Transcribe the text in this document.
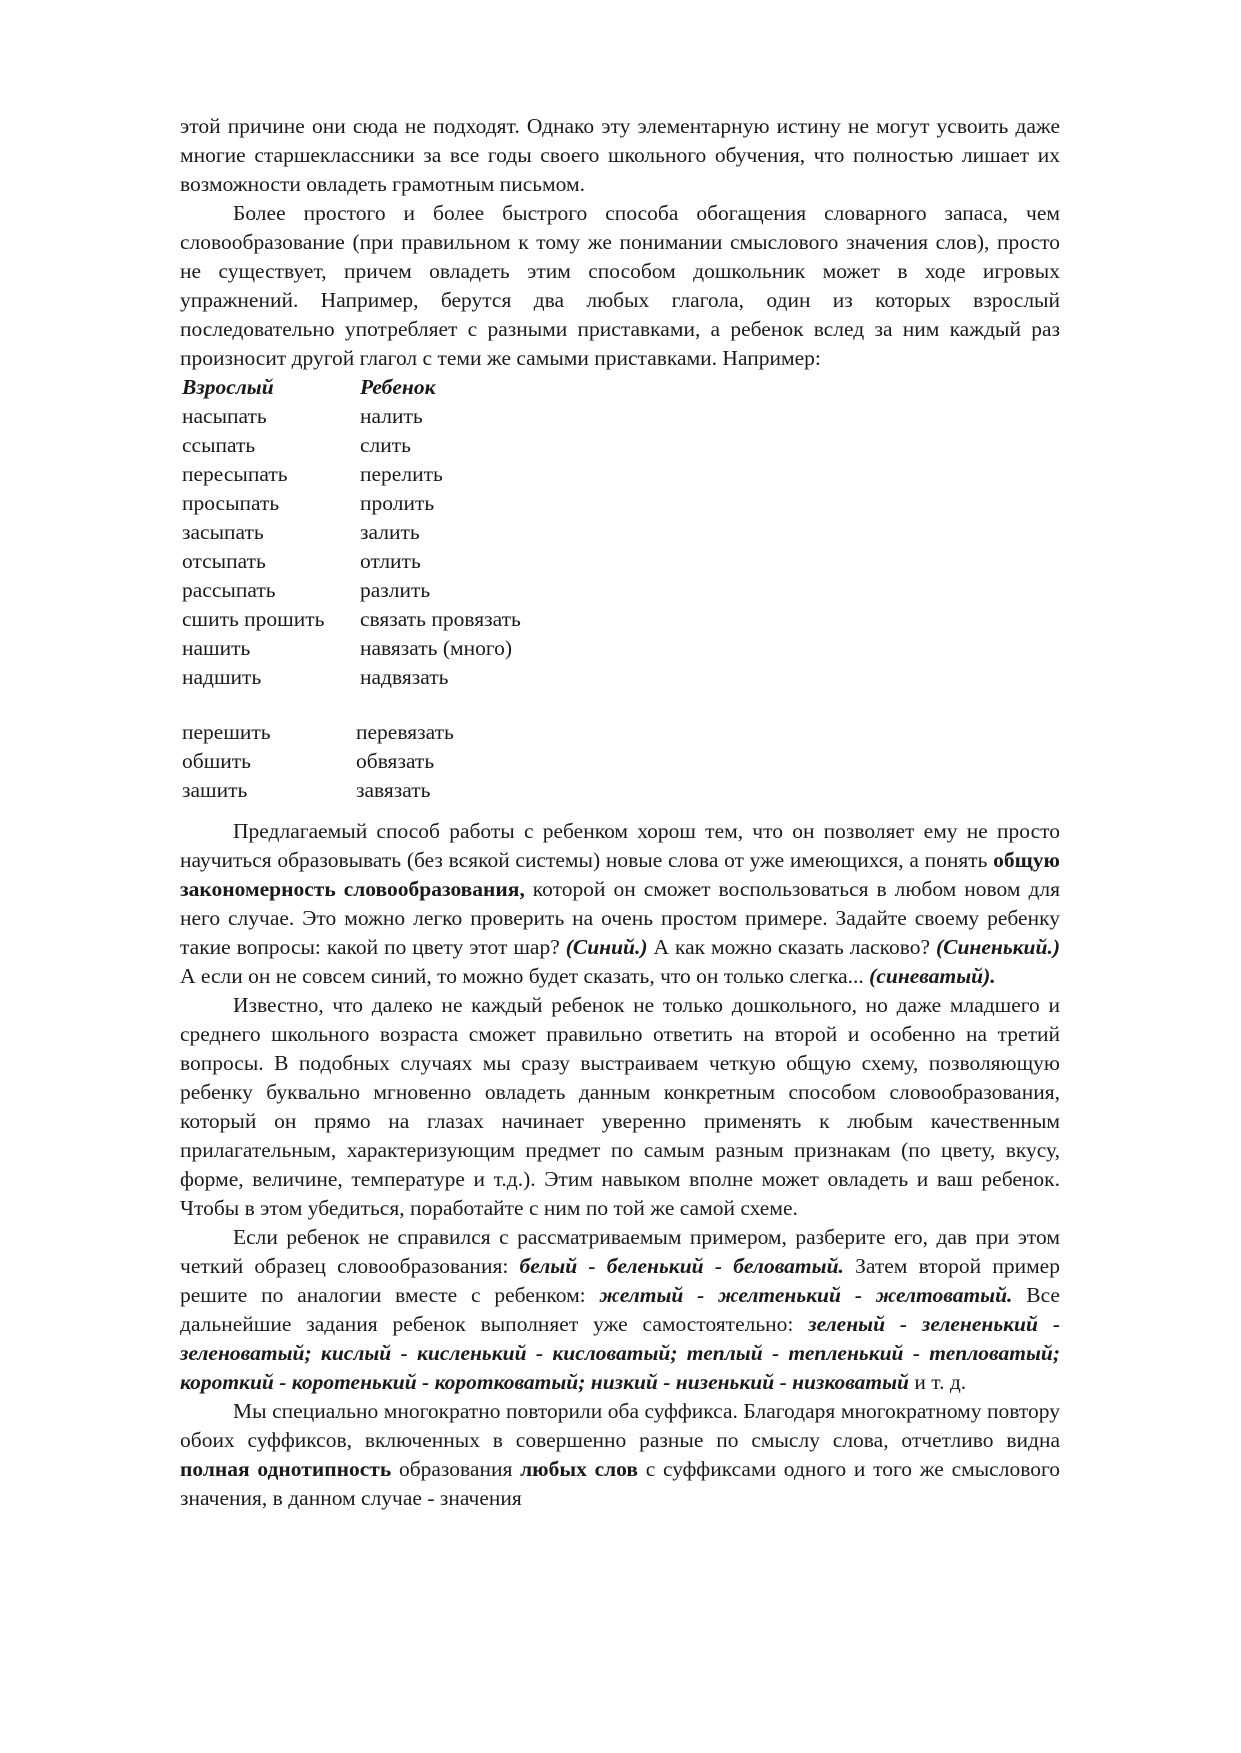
этой причине они сюда не подходят. Однако эту элементарную истину не могут усвоить даже многие старшеклассники за все годы своего школьного обучения, что полностью лишает их возможности овладеть грамотным письмом.

Более простого и более быстрого способа обогащения словарного запаса, чем словообразование (при правильном к тому же понимании смыслового значения слов), просто не существует, причем овладеть этим способом дошкольник может в ходе игровых упражнений. Например, берутся два любых глагола, один из которых взрослый последовательно употребляет с разными приставками, а ребенок вслед за ним каждый раз произносит другой глагол с теми же самыми приставками. Например:

Взрослый	Ребенок
насыпать	налить
ссыпать	слить
пересыпать	перелить
просыпать	пролить
засыпать	залить
отсыпать	отлить
рассыпать	разлить
сшить прошить	связать провязать
нашить	навязать (много)
надшить	надвязать
перешить	перевязать
обшить	обвязать
зашить	завязать

Предлагаемый способ работы с ребенком хорош тем, что он позволяет ему не просто научиться образовывать (без всякой системы) новые слова от уже имеющихся, а понять общую закономерность словообразования, которой он сможет воспользоваться в любом новом для него случае. Это можно легко проверить на очень простом примере. Задайте своему ребенку такие вопросы: какой по цвету этот шар? (Синий.) А как можно сказать ласково? (Синенький.) А если он не совсем синий, то можно будет сказать, что он только слегка... (синеватый).

Известно, что далеко не каждый ребенок не только дошкольного, но даже младшего и среднего школьного возраста сможет правильно ответить на второй и особенно на третий вопросы. В подобных случаях мы сразу выстраиваем четкую общую схему, позволяющую ребенку буквально мгновенно овладеть данным конкретным способом словообразования, который он прямо на глазах начинает уверенно применять к любым качественным прилагательным, характеризующим предмет по самым разным признакам (по цвету, вкусу, форме, величине, температуре и т.д.). Этим навыком вполне может овладеть и ваш ребенок. Чтобы в этом убедиться, поработайте с ним по той же самой схеме.

Если ребенок не справился с рассматриваемым примером, разберите его, дав при этом четкий образец словообразования: белый - беленький - беловатый. Затем второй пример решите по аналогии вместе с ребенком: желтый - желтенький - желтоватый. Все дальнейшие задания ребенок выполняет уже самостоятельно: зеленый - зелененький - зеленоватый; кислый - кисленький - кисловатый; теплый - тепленький - тепловатый; короткий - коротенький - коротковатый; низкий - низенький - низковатый и т. д.

Мы специально многократно повторили оба суффикса. Благодаря многократному повтору обоих суффиксов, включенных в совершенно разные по смыслу слова, отчетливо видна полная однотипность образования любых слов с суффиксами одного и того же смыслового значения, в данном случае - значения
